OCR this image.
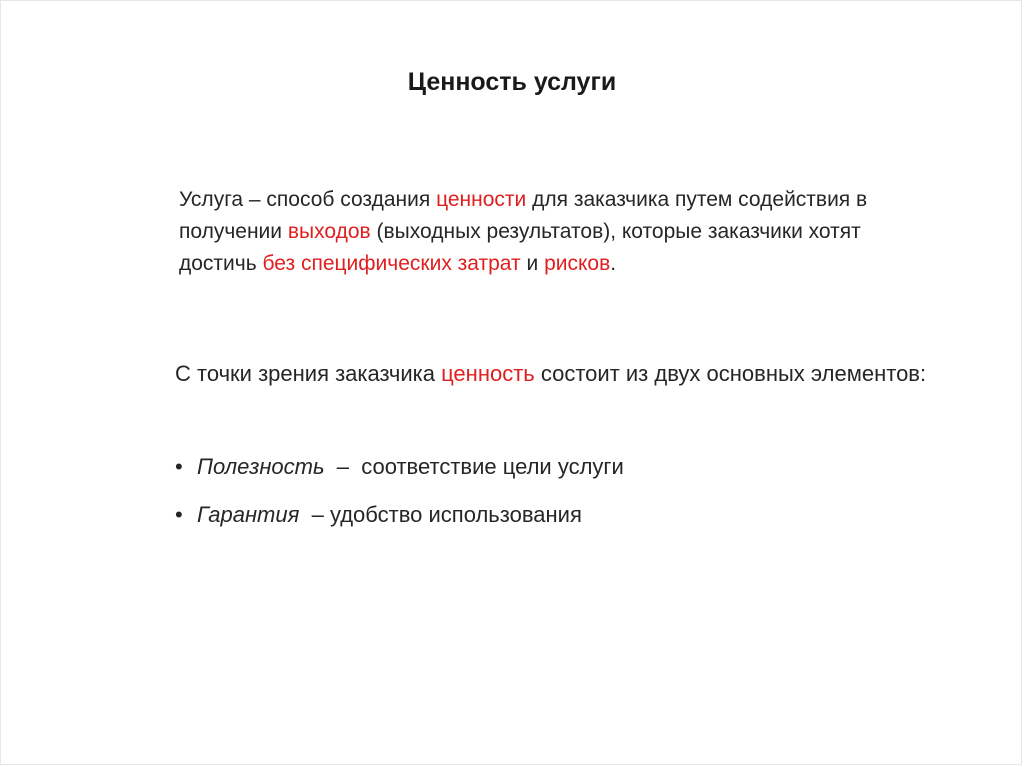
Ценность услуги
Услуга – способ создания ценности для заказчика путем содействия в получении выходов (выходных результатов), которые заказчики хотят достичь без специфических затрат и рисков.
С точки зрения заказчика ценность состоит из двух основных элементов:
• Полезность –  соответствие цели услуги
• Гарантия – удобство использования
